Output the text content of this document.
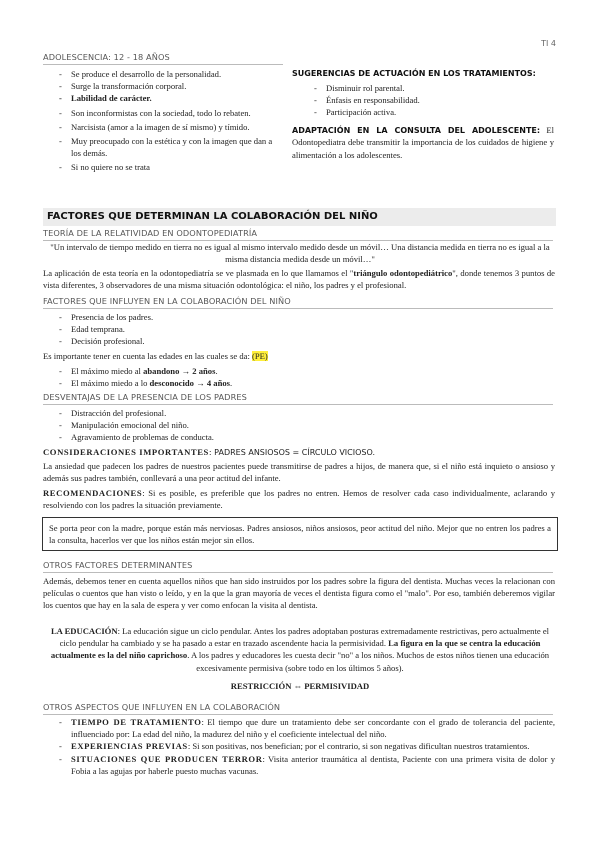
TI 4
ADOLESCENCIA: 12 - 18 AÑOS
- Se produce el desarrollo de la personalidad.
- Surge la transformación corporal.
- Labilidad de carácter.
- Son inconformistas con la sociedad, todo lo rebaten.
- Narcisista (amor a la imagen de sí mismo) y tímido.
- Muy preocupado con la estética y con la imagen que dan a los demás.
- Si no quiere no se trata
SUGERENCIAS DE ACTUACIÓN EN LOS TRATAMIENTOS:
- Disminuir rol parental.
- Énfasis en responsabilidad.
- Participación activa.
ADAPTACIÓN EN LA CONSULTA DEL ADOLESCENTE: El Odontopediatra debe transmitir la importancia de los cuidados de higiene y alimentación a los adolescentes.
FACTORES QUE DETERMINAN LA COLABORACIÓN DEL NIÑO
TEORÍA DE LA RELATIVIDAD EN ODONTOPEDIATRÍA
"Un intervalo de tiempo medido en tierra no es igual al mismo intervalo medido desde un móvil… Una distancia medida en tierra no es igual a la misma distancia medida desde un móvil…"
La aplicación de esta teoría en la odontopediatría se ve plasmada en lo que llamamos el "triángulo odontopediátrico", donde tenemos 3 puntos de vista diferentes, 3 observadores de una misma situación odontológica: el niño, los padres y el profesional.
FACTORES QUE INFLUYEN EN LA COLABORACIÓN DEL NIÑO
- Presencia de los padres.
- Edad temprana.
- Decisión profesional.
Es importante tener en cuenta las edades en las cuales se da: (PE)
- El máximo miedo al abandono → 2 años.
- El máximo miedo a lo desconocido → 4 años.
DESVENTAJAS DE LA PRESENCIA DE LOS PADRES
- Distracción del profesional.
- Manipulación emocional del niño.
- Agravamiento de problemas de conducta.
CONSIDERACIONES IMPORTANTES: PADRES ANSIOSOS = CÍRCULO VICIOSO.
La ansiedad que padecen los padres de nuestros pacientes puede transmitirse de padres a hijos, de manera que, si el niño está inquieto o ansioso y además sus padres también, conllevará a una peor actitud del infante.
RECOMENDACIONES: Si es posible, es preferible que los padres no entren. Hemos de resolver cada caso individualmente, aclarando y resolviendo con los padres la situación previamente.
Se porta peor con la madre, porque están más nerviosas. Padres ansiosos, niños ansiosos, peor actitud del niño. Mejor que no entren los padres a la consulta, hacerlos ver que los niños están mejor sin ellos.
OTROS FACTORES DETERMINANTES
Además, debemos tener en cuenta aquellos niños que han sido instruidos por los padres sobre la figura del dentista. Muchas veces la relacionan con películas o cuentos que han visto o leído, y en la que la gran mayoría de veces el dentista figura como el "malo". Por eso, también deberemos vigilar los cuentos que hay en la sala de espera y ver como enfocan la visita al dentista.
LA EDUCACIÓN: La educación sigue un ciclo pendular. Antes los padres adoptaban posturas extremadamente restrictivas, pero actualmente el ciclo pendular ha cambiado y se ha pasado a estar en trazado ascendente hacia la permisividad. La figura en la que se centra la educación actualmente es la del niño caprichoso. A los padres y educadores les cuesta decir "no" a los niños. Muchos de estos niños tienen una educación excesivamente permisiva (sobre todo en los últimos 5 años).
RESTRICCIÓN ⇔ PERMISIVIDAD
OTROS ASPECTOS QUE INFLUYEN EN LA COLABORACIÓN
- TIEMPO DE TRATAMIENTO: El tiempo que dure un tratamiento debe ser concordante con el grado de tolerancia del paciente, influenciado por: La edad del niño, la madurez del niño y el coeficiente intelectual del niño.
- EXPERIENCIAS PREVIAS: Si son positivas, nos benefician; por el contrario, si son negativas dificultan nuestros tratamientos.
- SITUACIONES QUE PRODUCEN TERROR: Visita anterior traumática al dentista, Paciente con una primera visita de dolor y Fobia a las agujas por haberle puesto muchas vacunas.
